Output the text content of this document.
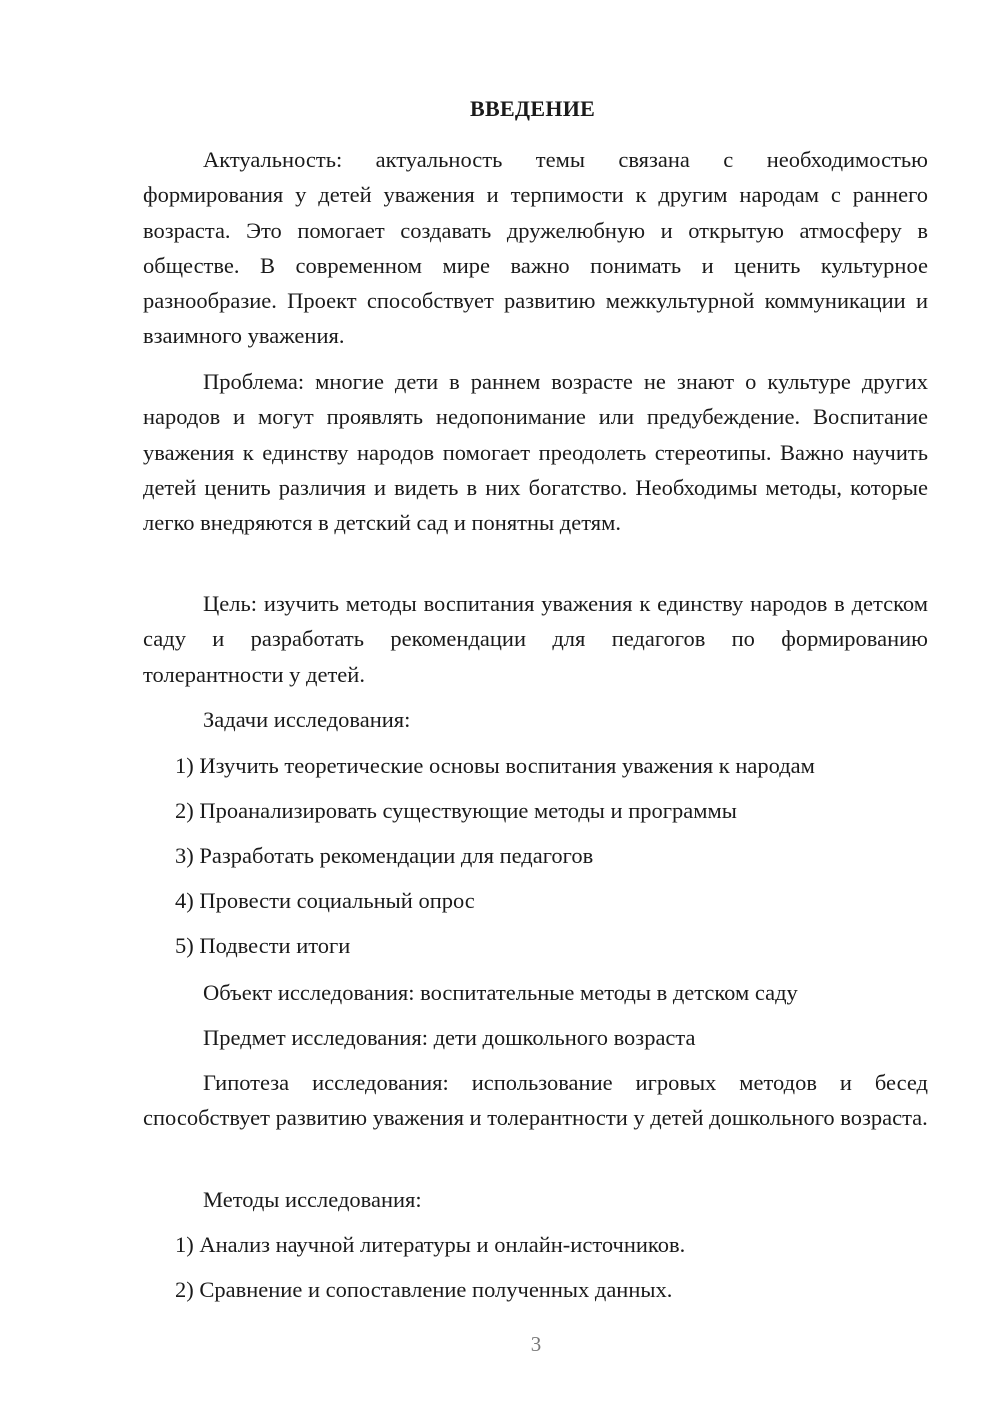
ВВЕДЕНИЕ

Актуальность: актуальность темы связана с необходимостью формирования у детей уважения и терпимости к другим народам с раннего возраста. Это помогает создавать дружелюбную и открытую атмосферу в обществе. В современном мире важно понимать и ценить культурное разнообразие. Проект способствует развитию межкультурной коммуникации и взаимного уважения.

Проблема: многие дети в раннем возрасте не знают о культуре других народов и могут проявлять недопонимание или предубеждение. Воспитание уважения к единству народов помогает преодолеть стереотипы. Важно научить детей ценить различия и видеть в них богатство. Необходимы методы, которые легко внедряются в детский сад и понятны детям.

Цель: изучить методы воспитания уважения к единству народов в детском саду и разработать рекомендации для педагогов по формированию толерантности у детей.

Задачи исследования:

1) Изучить теоретические основы воспитания уважения к народам

2) Проанализировать существующие методы и программы

3) Разработать рекомендации для педагогов

4) Провести социальный опрос

5) Подвести итоги

Объект исследования: воспитательные методы в детском саду

Предмет исследования: дети дошкольного возраста

Гипотеза исследования: использование игровых методов и бесед способствует развитию уважения и толерантности у детей дошкольного возраста.

Методы исследования:

1) Анализ научной литературы и онлайн-источников.

2) Сравнение и сопоставление полученных данных.

3
